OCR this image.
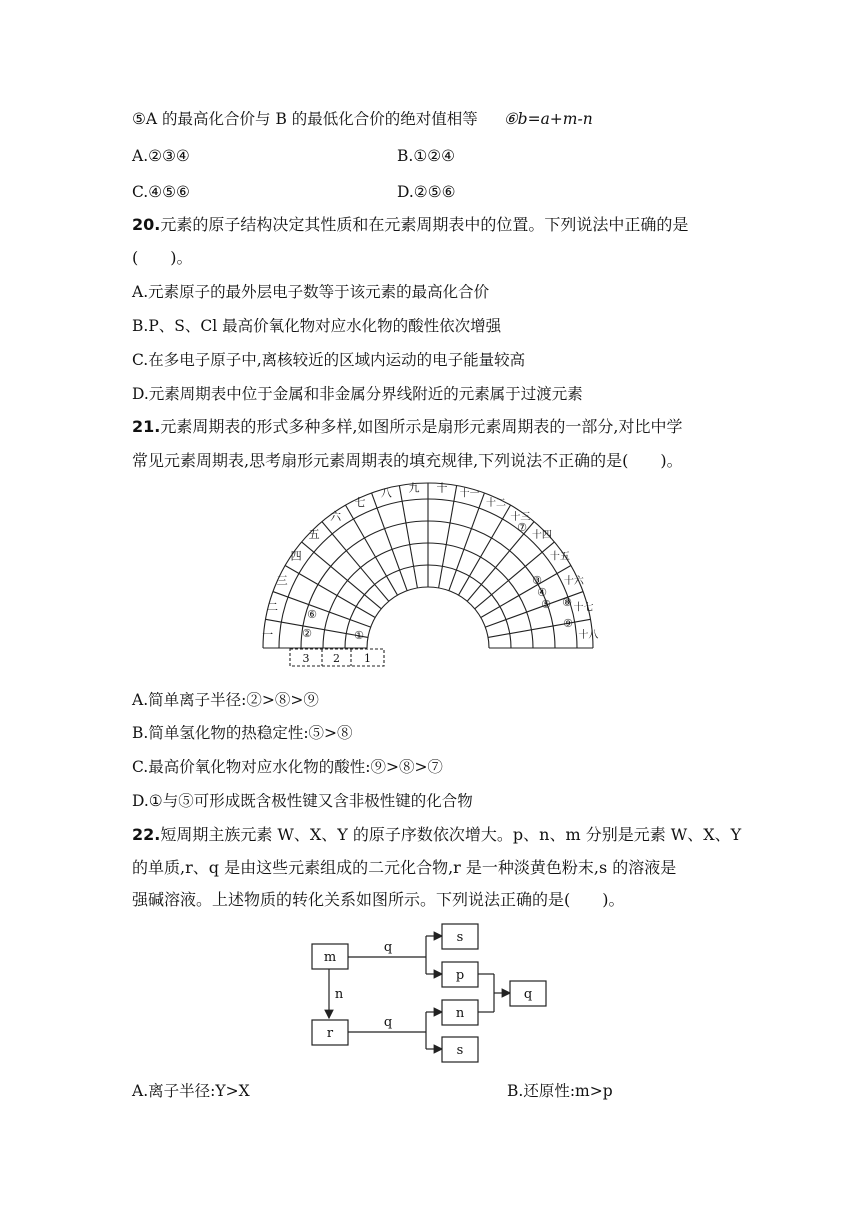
⑤A 的最高化合价与 B 的最低化合价的绝对值相等 ⑥b=a+m-n
A.②③④	B.①②④
C.④⑤⑥	D.②⑤⑥
20.元素的原子结构决定其性质和在元素周期表中的位置。下列说法中正确的是
(　　)。
A.元素原子的最外层电子数等于该元素的最高化合价
B.P、S、Cl 最高价氧化物对应水化物的酸性依次增强
C.在多电子原子中,离核较近的区域内运动的电子能量较高
D.元素周期表中位于金属和非金属分界线附近的元素属于过渡元素
21.元素周期表的形式多种多样,如图所示是扇形元素周期表的一部分,对比中学
常见元素周期表,思考扇形元素周期表的填充规律,下列说法不正确的是(　　)。
一
二
三
四
五
六
七
八 九 十 十一
十二
十三
十四
十五
十六
十七
十八
①
②
③
④
⑤
⑥
⑦
⑧
⑨
3 2 1
A.简单离子半径:②>⑧>⑨
B.简单氢化物的热稳定性:⑤>⑧
C.最高价氧化物对应水化物的酸性:⑨>⑧>⑦
D.①与⑤可形成既含极性键又含非极性键的化合物
22.短周期主族元素 W、X、Y 的原子序数依次增大。p、n、m 分别是元素 W、X、Y
的单质,r、q 是由这些元素组成的二元化合物,r 是一种淡黄色粉末,s 的溶液是
强碱溶液。上述物质的转化关系如图所示。下列说法正确的是(　　)。
m
r
s
p
n
s
q
q
n
q
A.离子半径:Y>X	B.还原性:m>p
